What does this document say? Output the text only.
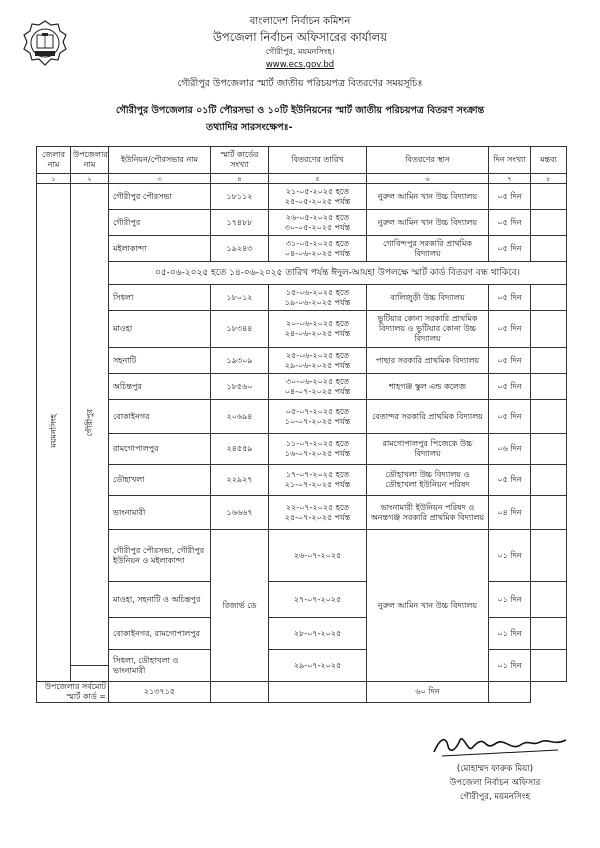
বাংলাদেশ নির্বাচন কমিশন
উপজেলা নির্বাচন অফিসারের কার্যালয়
গৌরীপুর, ময়মনসিংহ।
www.ecs.gov.bd
গৌরীপুর উপজেলার স্মার্ট জাতীয় পরিচয়পত্র বিতরণের সময়সূচিঃ
গৌরীপুর উপজেলার ০১টি পৌরসভা ও ১০টি ইউনিয়নের স্মার্ট জাতীয় পরিচয়পত্র বিতরণ সংক্রান্ত
তথ্যাদির সারসংক্ষেপঃ-
জেলার নাম	উপজেলার নাম	ইউনিয়ন/পৌরসভার নাম	স্মার্ট কার্ডের সংখ্যা	বিতরণের তারিখ	বিতরণের স্থান	দিন সংখ্যা	মন্তব্য
১	২	৩	৪	৫	৬	৭	৮
ময়মনসিংহ	গৌরীপুর	গৌরীপুর পৌরসভা	১৮১১২	২১-০৫-২০২৫ হতে
২৫-০৫-২০২৫ পর্যন্ত	নুরুল আমিন খান উচ্চ বিদ্যালয়	০৫ দিন	
		গৌরীপুর	১৭৪৮৮	২৬-০৫-২০২৫ হতে
৩০-০৫-২০২৫ পর্যন্ত	নুরুল আমিন খান উচ্চ বিদ্যালয়	০৫ দিন	
		মইলাকান্দা	১৯২৪৩	৩১-০৫-২০২৫ হতে
০৪-০৬-২০২৫ পর্যন্ত	গোবিন্দপুর সরকারি প্রাথমিক বিদ্যালয়	০৫ দিন	
		০৫-০৬-২০২৫ হতে ১৪-০৬-২০২৫ তারিখ পর্যন্ত ঈদুল-আযহা উপলক্ষে স্মার্ট কার্ড বিতরণ বন্ধ থাকিবে।					
		সিধলা	১৮০১২	১৫-০৬-২০২৫ হতে
১৯-০৬-২০২৫ পর্যন্ত	বালিজুড়ী উচ্চ বিদ্যালয়	০৫ দিন	
		মাওহা	১৮৩৪৪	২০-০৬-২০২৫ হতে
২৪-০৬-২০২৫ পর্যন্ত	ভুটিয়ার কোনা সরকারি প্রাথমিক বিদ্যালয় ও ভুটিয়ার কোনা উচ্চ বিদ্যালয়	০৫ দিন	
		সহনাটি	১৯৩০৯	২৫-০৬-২০২৫ হতে
২৯-০৬-২০২৫ পর্যন্ত	পাছার সরকারি প্রাথমিক বিদ্যালয়	০৫ দিন	
		অচিন্তপুর	১৮৫৬০	৩০-০৬-২০২৫ হতে
০৪-০৭-২০২৫ পর্যন্ত	শাহগঞ্জ স্কুল এন্ড কলেজ	০৫ দিন	
		বোকাইনগর	২০৬৯৪	০৫-০৭-২০২৫ হতে
১০-০৭-২০২৫ পর্যন্ত	বেতান্দর সরকারি প্রাথমিক বিদ্যালয়	০৫ দিন	
		রামগোপালপুর	২৪৫৫৯	১১-০৭-২০২৫ হতে
১৬-০৭-২০২৫ পর্যন্ত	রামগোপালপুর পিজেকে উচ্চ বিদ্যালয়	০৬ দিন	
		ডৌহাখলা	২২৯২৭	১৭-০৭-২০২৫ হতে
২১-০৭-২০২৫ পর্যন্ত	ডৌহাখলা উচ্চ বিদ্যালয় ও ডৌহাখলা ইউনিয়ন পরিষদ	০৫ দিন	
		ভাংনামারী	১৬৬৬৭	২২-০৭-২০২৫ হতে
২৫-০৭-২০২৫ পর্যন্ত	ভাংনামারী ইউনিয়ন পরিষদ ও অনন্তগঞ্জ সরকারি প্রাথমিক বিদ্যালয়	০৪ দিন	
		গৌরীপুর পৌরসভা, গৌরীপুর ইউনিয়ন ও মইলাকান্দা	রিজার্ভ ডে	২৬-০৭-২০২৫	নুরুল আমিন খান উচ্চ বিদ্যালয়	০১ দিন	

		মাওহা, সহনাটি ও অচিন্তপুর		২৭-০৭-২০২৫		০১ দিন	

		বোকাইনগর, রামগোপালপুর		২৮-০৭-২০২৫		০১ দিন	

		সিধলা, ডৌহাখলা ও ভাংনামারী		২৯-০৭-২০২৫		০১ দিন	

উপজেলার সর্বমোট স্মার্ট কার্ড =		২১৩৭১৫			৬০ দিন		
(মোহাম্মদ ফারুক মিয়া)
উপজেলা নির্বাচন অফিসার
গৌরীপুর, ময়মনসিংহ
